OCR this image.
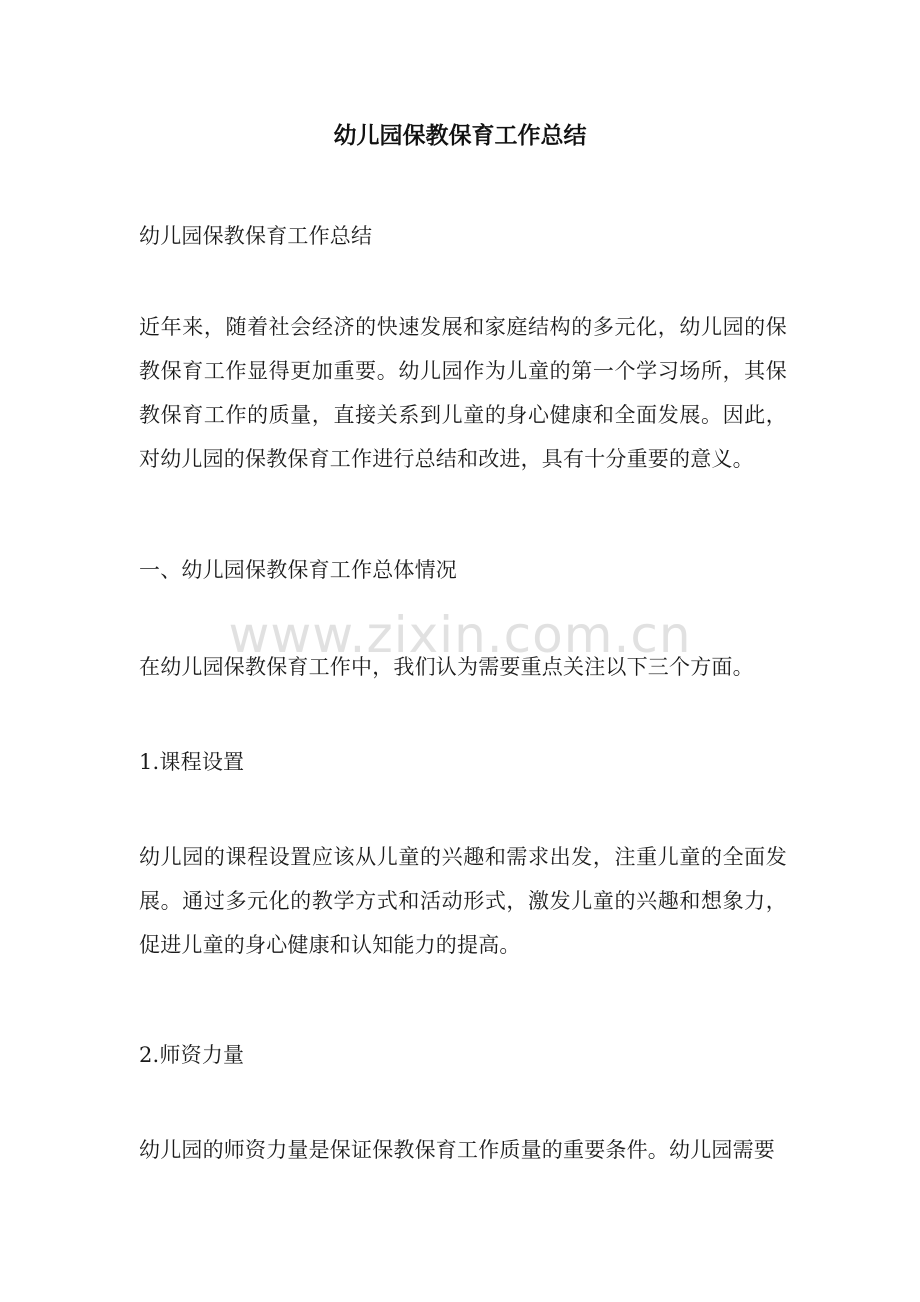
幼儿园保教保育工作总结

幼儿园保教保育工作总结

近年来，随着社会经济的快速发展和家庭结构的多元化，幼儿园的保教保育工作显得更加重要。幼儿园作为儿童的第一个学习场所，其保教保育工作的质量，直接关系到儿童的身心健康和全面发展。因此，对幼儿园的保教保育工作进行总结和改进，具有十分重要的意义。

一、幼儿园保教保育工作总体情况

www.zixin.com.cn

在幼儿园保教保育工作中，我们认为需要重点关注以下三个方面。

1.课程设置

幼儿园的课程设置应该从儿童的兴趣和需求出发，注重儿童的全面发展。通过多元化的教学方式和活动形式，激发儿童的兴趣和想象力，促进儿童的身心健康和认知能力的提高。

2.师资力量

幼儿园的师资力量是保证保教保育工作质量的重要条件。幼儿园需要
